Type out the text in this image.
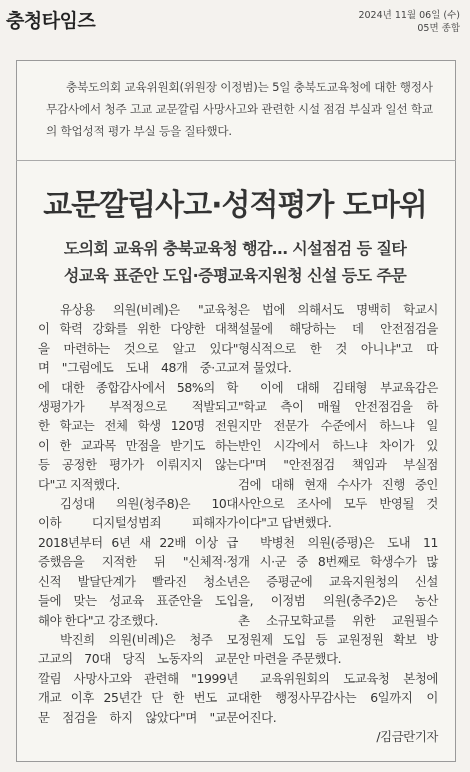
충청타임즈	2024년 11월 06일 (수)
05면 종합
충북도의회 교육위원회(위원장 이정범)는 5일 충북도교육청에 대한 행정사무감사에서 청주 고교 교문깔림 사망사고와 관련한 시설 점검 부실과 일선 학교의 학업성적 평가 부실 등을 질타했다.
교문깔림사고·성적평가 도마위
도의회 교육위 충북교육청 행감… 시설점검 등 질타
성교육 표준안 도입·증평교육지원청 신설 등도 주문

유상용 의원(비례)은 "교육청

이 학력 강화를 위한 다양한 대책

을 마련하는 것으로 알고 있다"

며 "그럼에도 도내 48개 중·고교

에 대한 종합감사에서 58%의 학

생평가가 부적정으로 적발되고

한 학교는 전체 학생 120명 전원

이 한 교과목 만점을 받기도 하는

등 공정한 평가가 이뤄지지 않는

다"고 지적했다.

김성대 의원(청주8)은 10대

이하 디지털성범죄 피해자가

2018년부터 6년 새 22배 이상 급

증했음을 지적한 뒤 "신체적·정

신적 발달단계가 빨라진 청소년

들에 맞는 성교육 표준안을 도입

해야 한다"고 강조했다.

박진희 의원(비례)은 청주 모

고교의 70대 당직 노동자의 교문

깔림 사망사고와 관련해 "1999년

개교 이후 25년간 단 한 번도 교

문 점검을 하지 않았다"며 "교문

은 법에 의해서도 명백히 학교시

설물에 해당하는 데 안전점검을

형식적으로 한 것 아니냐"고 따

져 물었다.

이에 대해 김태형 부교육감은

"학교 측이 매월 안전점검을 하

지만 전문가 수준에서 하느냐 일

반인 시각에서 하느냐 차이가 있

다"며 "안전점검 책임과 부실점

검에 대해 현재 수사가 진행 중인

사안으로 조사에 모두 반영될 것

이다"고 답변했다.

박병천 의원(증평)은 도내 11

개 시·군 중 8번째로 학생수가 많

은 증평군에 교육지원청의 신설

을, 이정범 의원(충주2)은 농산

촌 소규모학교를 위한 교원필수

정원제 도입 등 교원정원 확보 방

안 마련을 주문했다.

교육위원회의 도교육청 본청에

대한 행정사무감사는 6일까지 이

어진다.

/김금란기자
